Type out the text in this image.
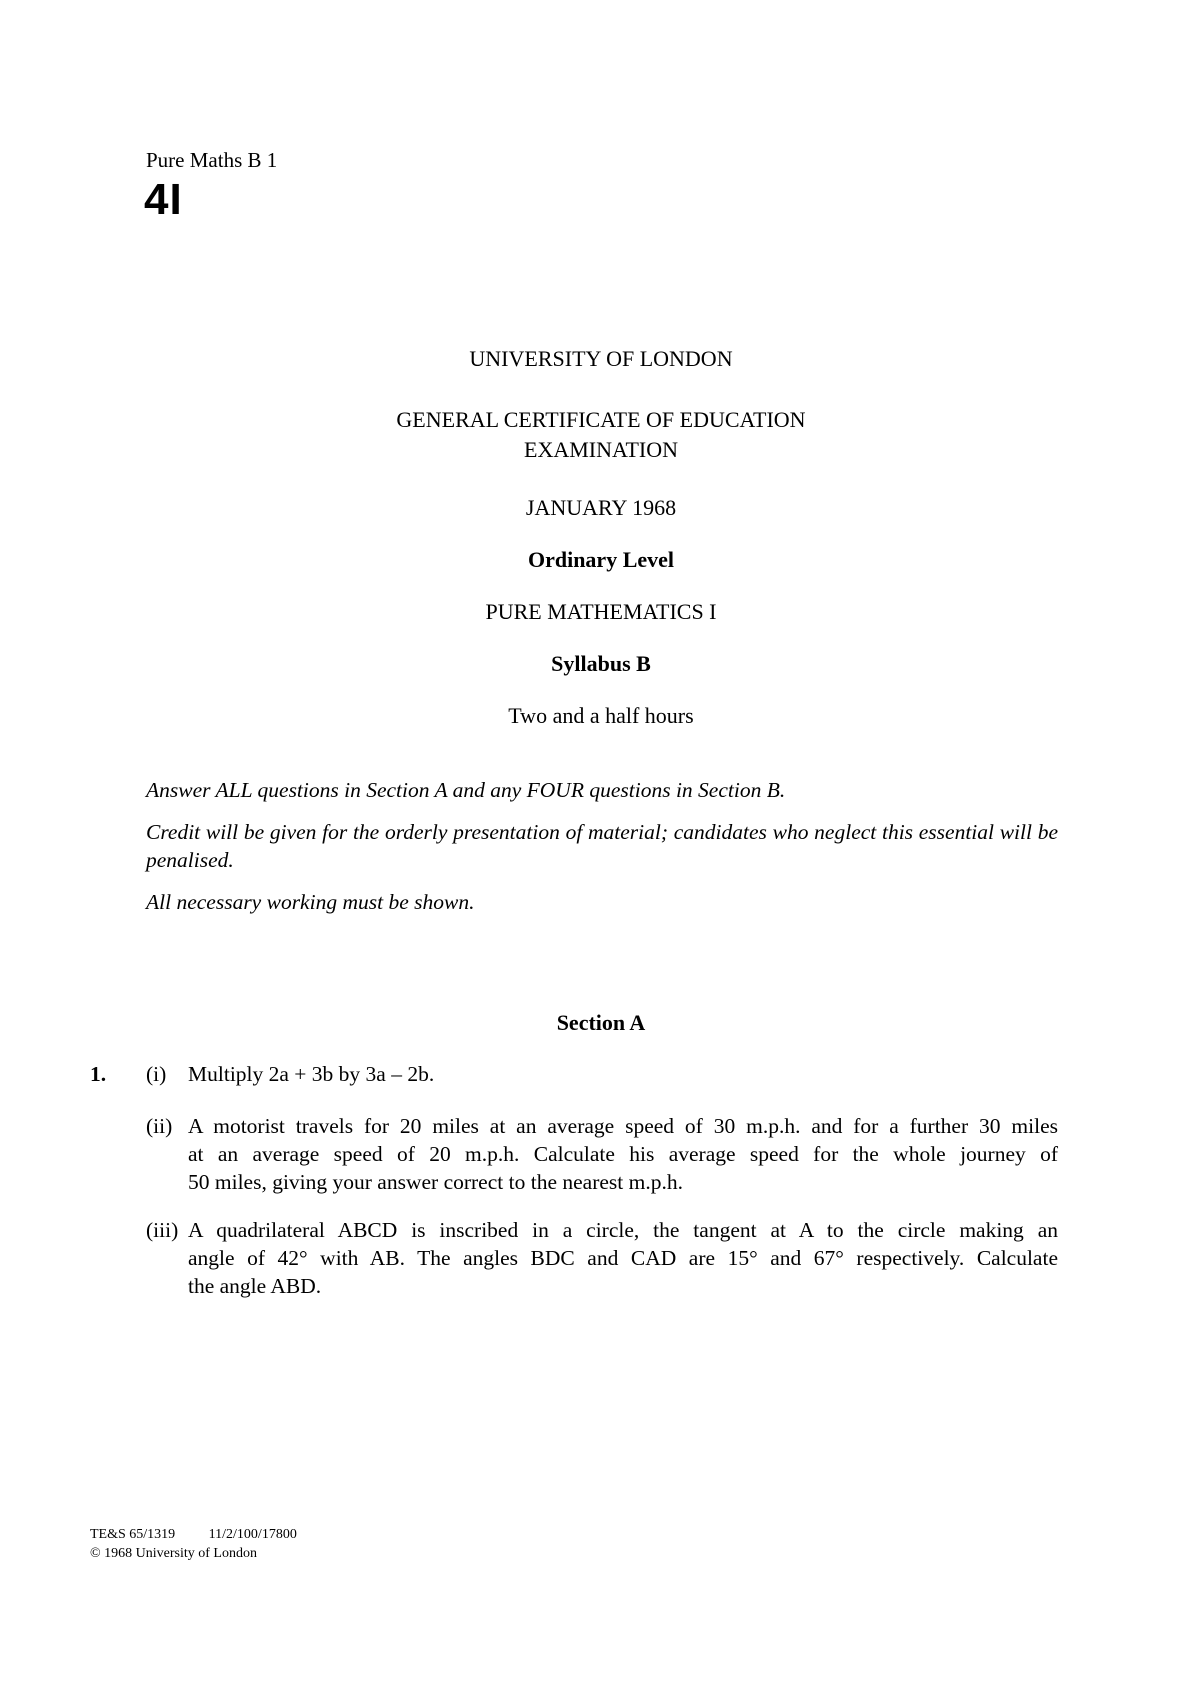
Pure Maths B 1
4I
UNIVERSITY OF LONDON
GENERAL CERTIFICATE OF EDUCATION
EXAMINATION
JANUARY 1968
Ordinary Level
PURE MATHEMATICS I
Syllabus B
Two and a half hours

Answer ALL questions in Section A and any FOUR questions in Section B.

Credit will be given for the orderly presentation of material; candidates who neglect this essential will be penalised.

All necessary working must be shown.

Section A
1. (i) Multiply 2a + 3b by 3a – 2b.
(ii) A motorist travels for 20 miles at an average speed of 30 m.p.h. and for a further 30 miles
at an average speed of 20 m.p.h. Calculate his average speed for the whole journey of
50 miles, giving your answer correct to the nearest m.p.h.
(iii) A quadrilateral ABCD is inscribed in a circle, the tangent at A to the circle making an
angle of 42° with AB. The angles BDC and CAD are 15° and 67° respectively. Calculate
the angle ABD.
TE&S 65/1319 11/2/100/17800
© 1968 University of London
